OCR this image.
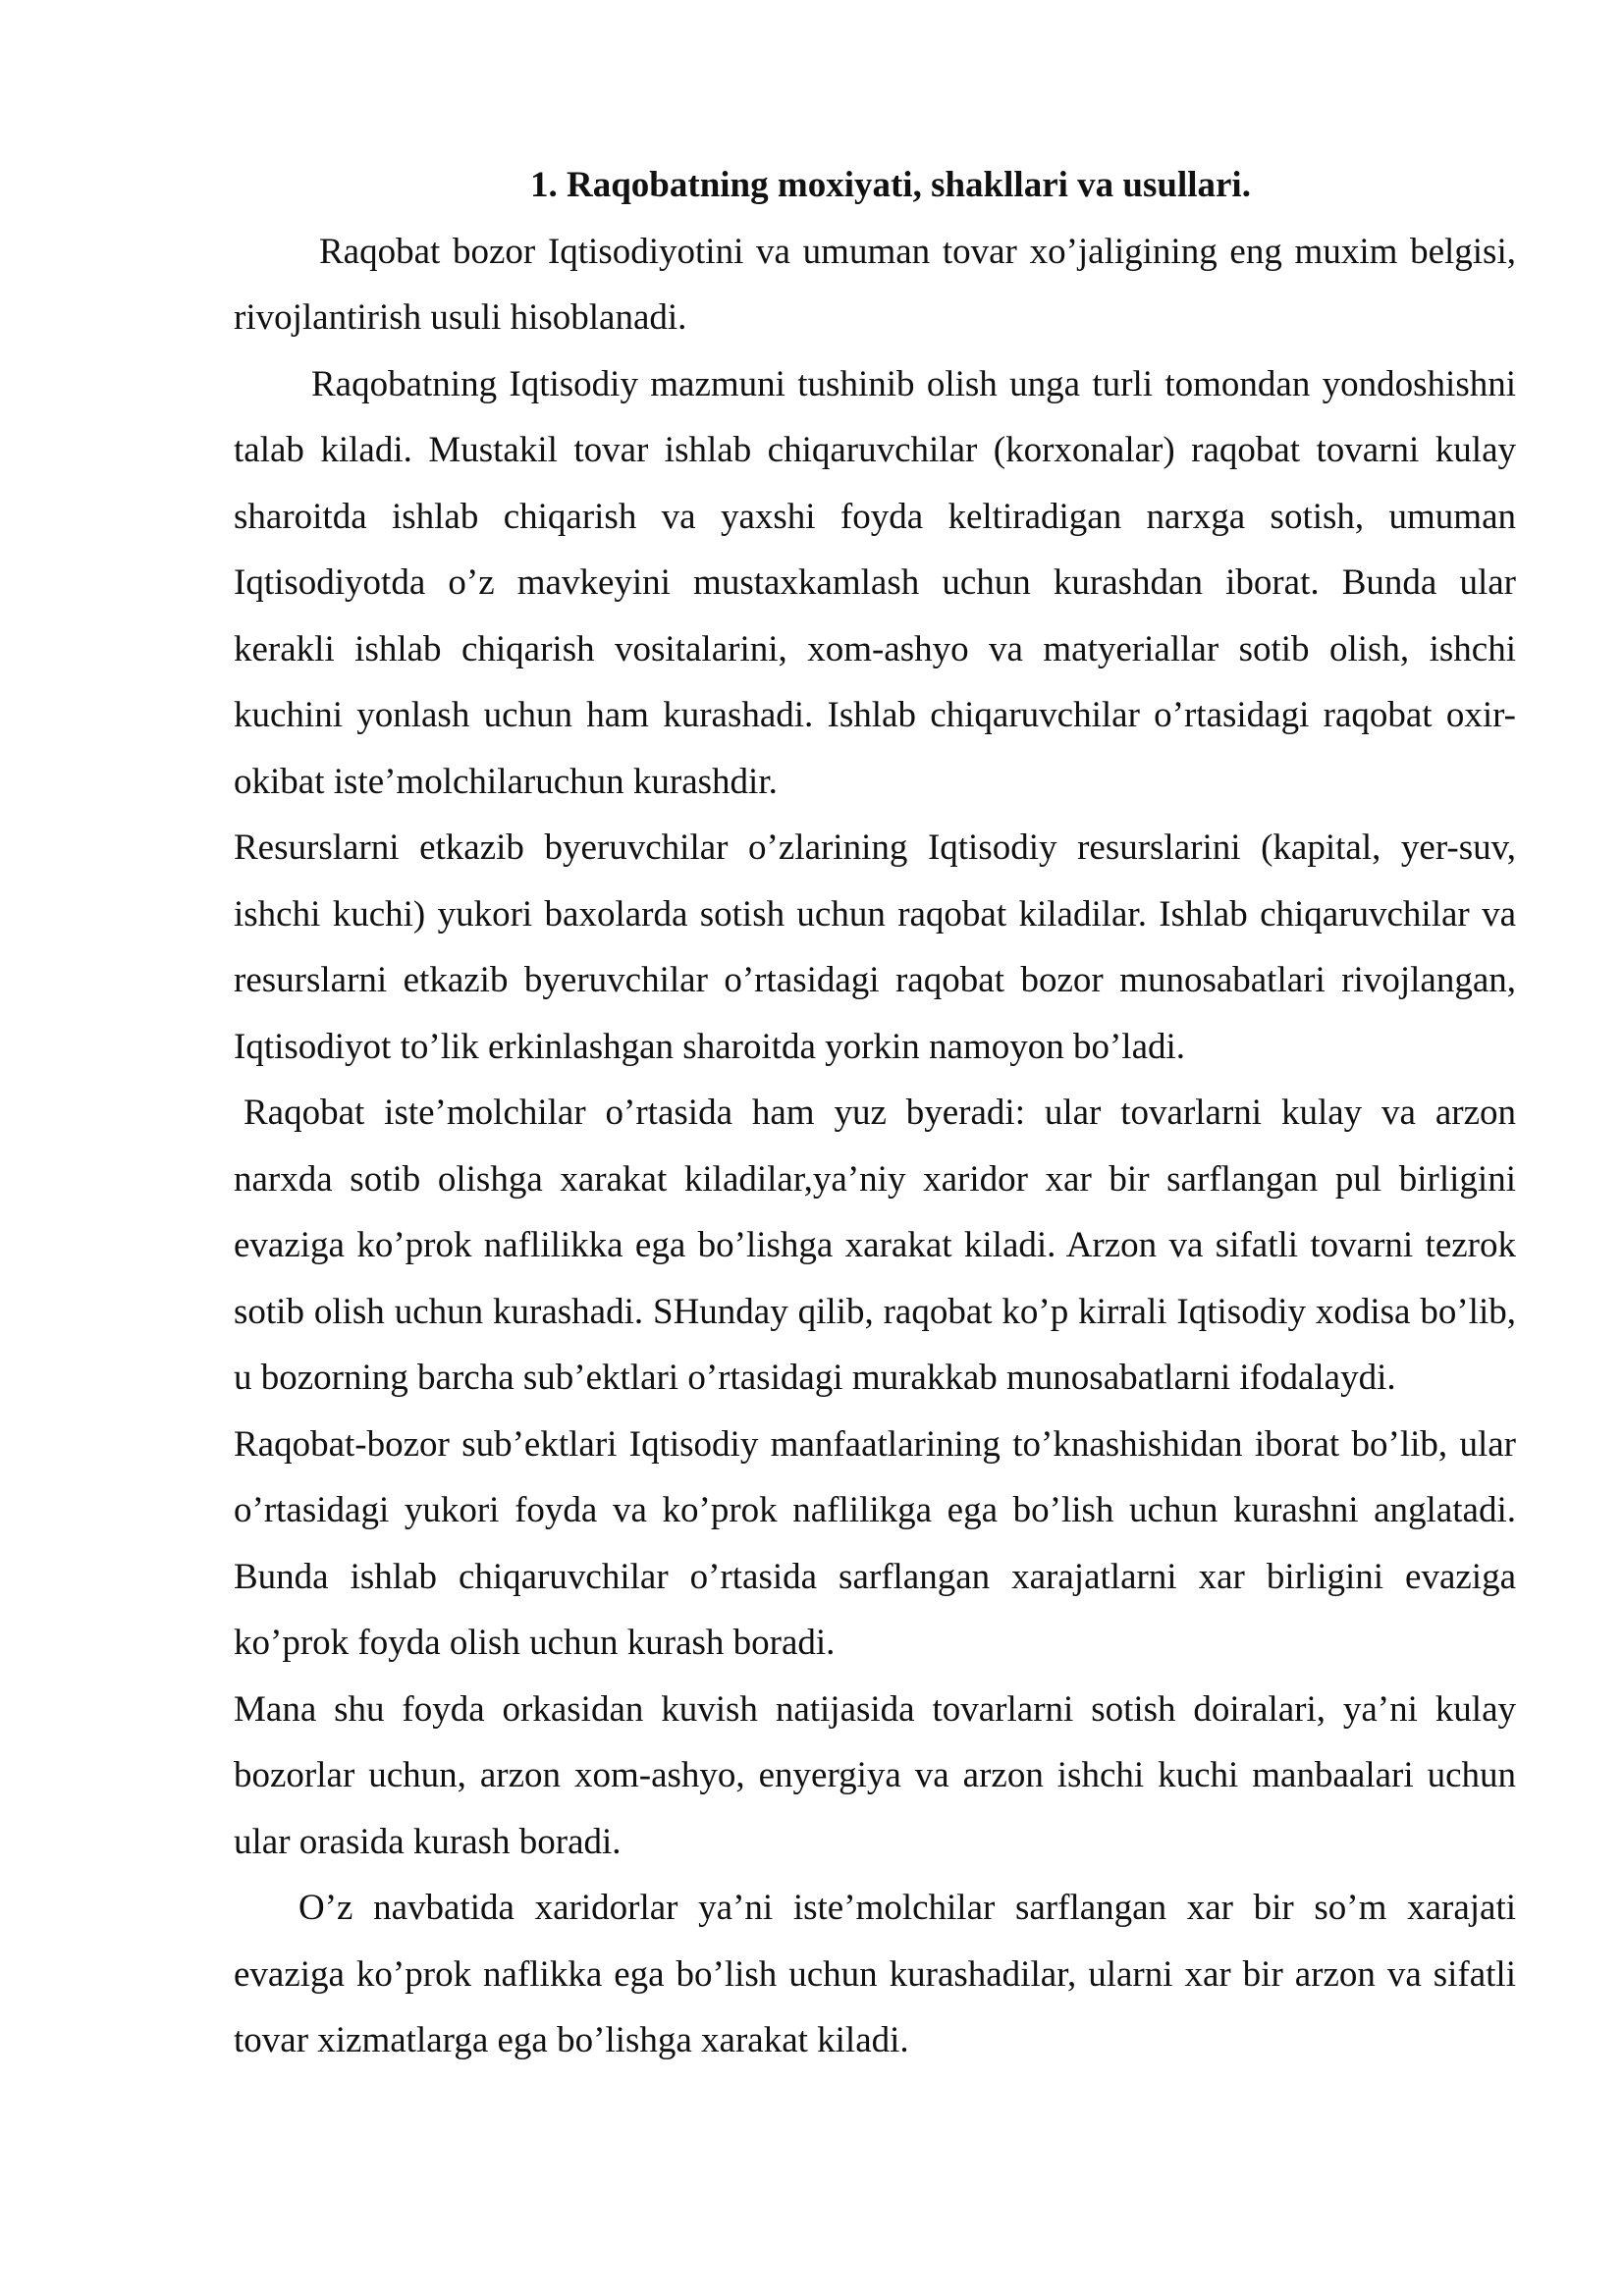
1. Raqobatning moxiyati, shakllari va usullari.

Raqobat bozor Iqtisodiyotini va umuman tovar xo’jaligining eng muxim belgisi, rivojlantirish usuli hisoblanadi.

Raqobatning Iqtisodiy mazmuni tushinib olish unga turli tomondan yondoshishni talab kiladi. Mustakil tovar ishlab chiqaruvchilar (korxonalar) raqobat tovarni kulay sharoitda ishlab chiqarish va yaxshi foyda keltiradigan narxga sotish, umuman Iqtisodiyotda o’z mavkeyini mustaxkamlash uchun kurashdan iborat. Bunda ular kerakli ishlab chiqarish vositalarini, xom-ashyo va matyeriallar sotib olish, ishchi kuchini yonlash uchun ham kurashadi. Ishlab chiqaruvchilar o’rtasidagi raqobat oxir-okibat iste’molchilaruchun kurashdir.

Resurslarni etkazib byeruvchilar o’zlarining Iqtisodiy resurslarini (kapital, yer-suv, ishchi kuchi) yukori baxolarda sotish uchun raqobat kiladilar. Ishlab chiqaruvchilar va resurslarni etkazib byeruvchilar o’rtasidagi raqobat bozor munosabatlari rivojlangan, Iqtisodiyot to’lik erkinlashgan sharoitda yorkin namoyon bo’ladi.

Raqobat iste’molchilar o’rtasida ham yuz byeradi: ular tovarlarni kulay va arzon narxda sotib olishga xarakat kiladilar,ya’niy xaridor xar bir sarflangan pul birligini evaziga ko’prok naflilikka ega bo’lishga xarakat kiladi. Arzon va sifatli tovarni tezrok sotib olish uchun kurashadi. SHunday qilib, raqobat ko’p kirrali Iqtisodiy xodisa bo’lib, u bozorning barcha sub’ektlari o’rtasidagi murakkab munosabatlarni ifodalaydi.

Raqobat-bozor sub’ektlari Iqtisodiy manfaatlarining to’knashishidan iborat bo’lib, ular o’rtasidagi yukori foyda va ko’prok naflilikga ega bo’lish uchun kurashni anglatadi. Bunda ishlab chiqaruvchilar o’rtasida sarflangan xarajatlarni xar birligini evaziga ko’prok foyda olish uchun kurash boradi.

Mana shu foyda orkasidan kuvish natijasida tovarlarni sotish doiralari, ya’ni kulay bozorlar uchun, arzon xom-ashyo, enyergiya va arzon ishchi kuchi manbaalari uchun ular orasida kurash boradi.

O’z navbatida xaridorlar ya’ni iste’molchilar sarflangan xar bir so’m xarajati evaziga ko’prok naflikka ega bo’lish uchun kurashadilar, ularni xar bir arzon va sifatli tovar xizmatlarga ega bo’lishga xarakat kiladi.
